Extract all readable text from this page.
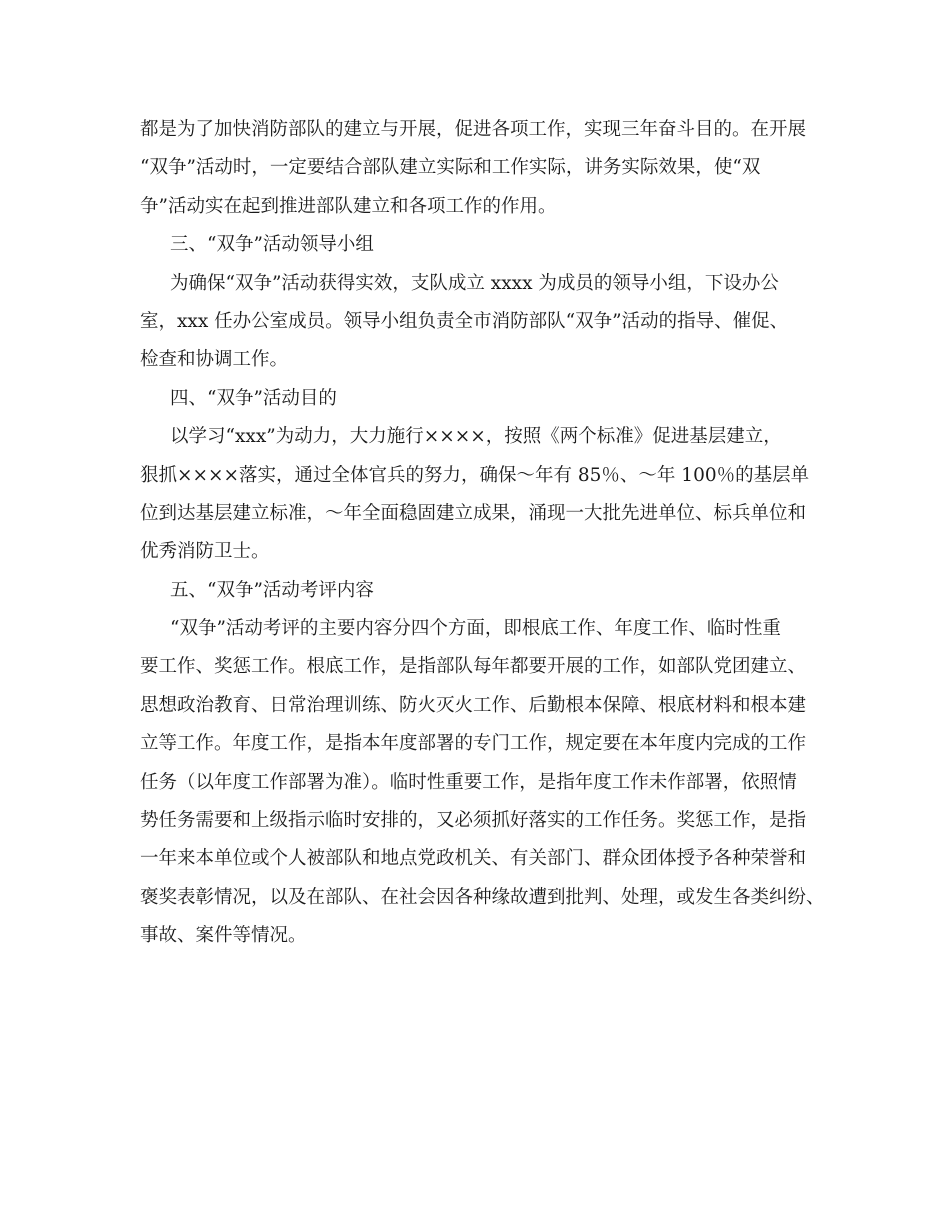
都是为了加快消防部队的建立与开展，促进各项工作，实现三年奋斗目的。在开展
“双争”活动时，一定要结合部队建立实际和工作实际，讲务实际效果，使“双
争”活动实在起到推进部队建立和各项工作的作用。
三、“双争”活动领导小组
为确保“双争”活动获得实效，支队成立 xxxx 为成员的领导小组，下设办公
室，xxx 任办公室成员。领导小组负责全市消防部队“双争”活动的指导、催促、
检查和协调工作。
四、“双争”活动目的
以学习“xxx”为动力，大力施行××××，按照《两个标准》促进基层建立，
狠抓××××落实，通过全体官兵的努力，确保～年有 85％、～年 100％的基层单
位到达基层建立标准，～年全面稳固建立成果，涌现一大批先进单位、标兵单位和
优秀消防卫士。
五、“双争”活动考评内容
“双争”活动考评的主要内容分四个方面，即根底工作、年度工作、临时性重
要工作、奖惩工作。根底工作，是指部队每年都要开展的工作，如部队党团建立、
思想政治教育、日常治理训练、防火灭火工作、后勤根本保障、根底材料和根本建
立等工作。年度工作，是指本年度部署的专门工作，规定要在本年度内完成的工作
任务（以年度工作部署为准）。临时性重要工作，是指年度工作未作部署，依照情
势任务需要和上级指示临时安排的，又必须抓好落实的工作任务。奖惩工作，是指
一年来本单位或个人被部队和地点党政机关、有关部门、群众团体授予各种荣誉和
褒奖表彰情况，以及在部队、在社会因各种缘故遭到批判、处理，或发生各类纠纷、
事故、案件等情况。
